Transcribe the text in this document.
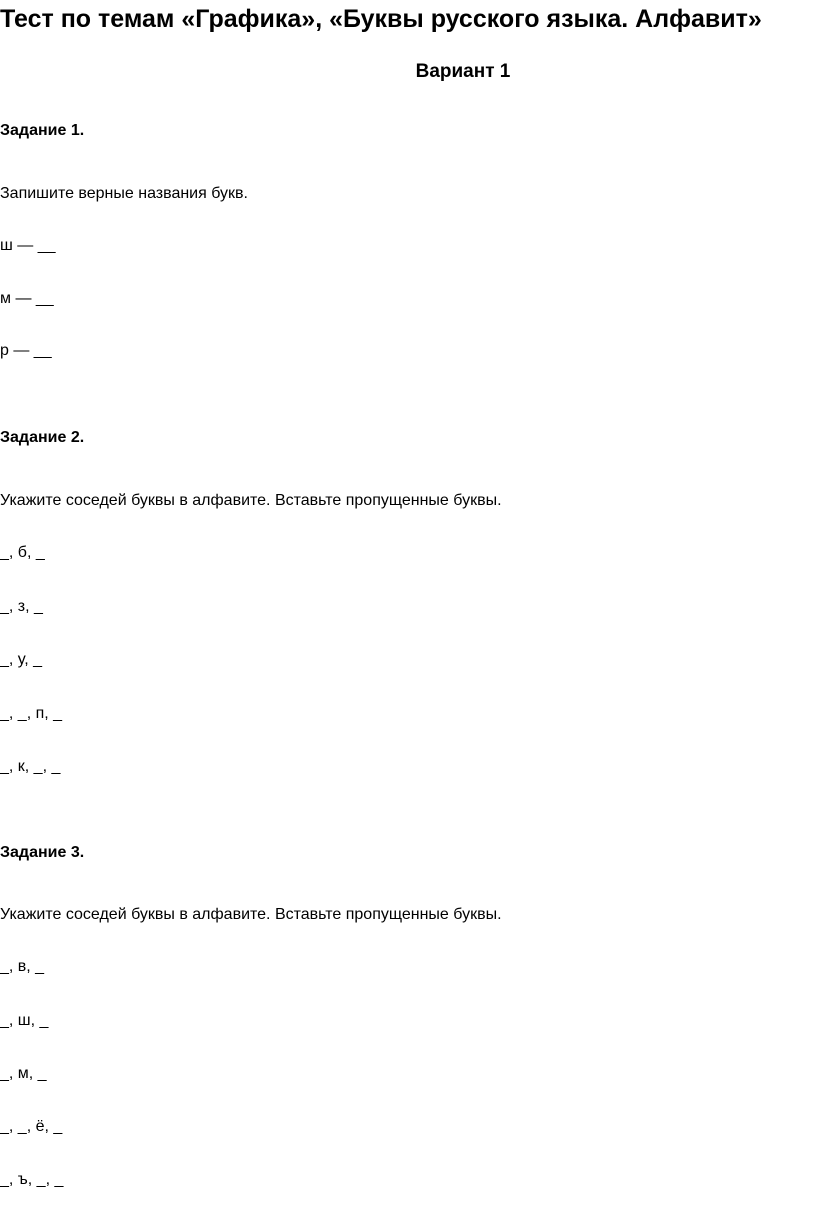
Тест по темам «Графика», «Буквы русского языка. Алфавит»
Вариант 1

Задание 1.

Запишите верные названия букв.

ш — __

м — __

р — __

Задание 2.

Укажите соседей буквы в алфавите. Вставьте пропущенные буквы.

_, б, _

_, з, _

_, у, _

_, _, п, _

_, к, _, _

Задание 3.

Укажите соседей буквы в алфавите. Вставьте пропущенные буквы.

_, в, _

_, ш, _

_, м, _

_, _, ё, _

_, ъ, _, _
